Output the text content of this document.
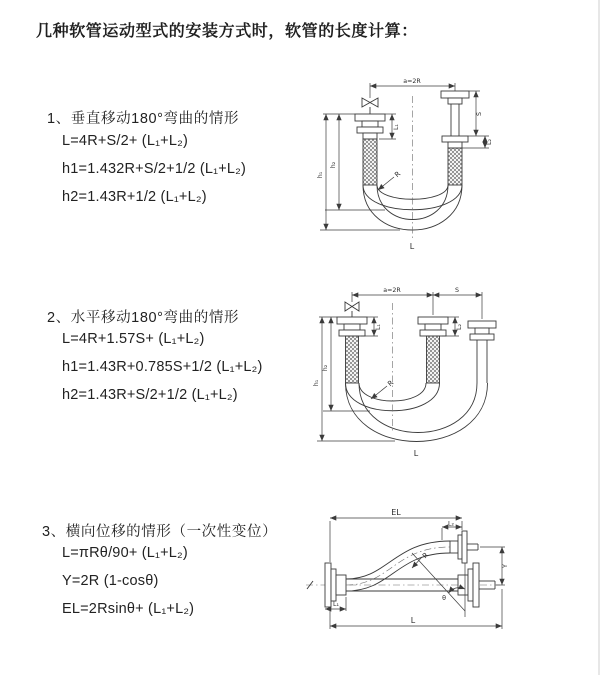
几种软管运动型式的安装方式时，软管的长度计算：
1、垂直移动180°弯曲的情形
L=4R+S/2+ (L₁+L₂)
h1=1.432R+S/2+1/2 (L₁+L₂)
h2=1.43R+1/2 (L₁+L₂)
2、水平移动180°弯曲的情形
L=4R+1.57S+ (L₁+L₂)
h1=1.43R+0.785S+1/2 (L₁+L₂)
h2=1.43R+S/2+1/2 (L₁+L₂)
3、横向位移的情形（一次性变位）
L=πRθ/90+ (L₁+L₂)
Y=2R (1-cosθ)
EL=2Rsinθ+ (L₁+L₂)
a=2R
L₁
S
L₂
h₂
h₁	R
L
a=2R	S
L₁	L₂
h₂
h₁	R
L
EL
L₂
Y
R
θ
L₁
L
